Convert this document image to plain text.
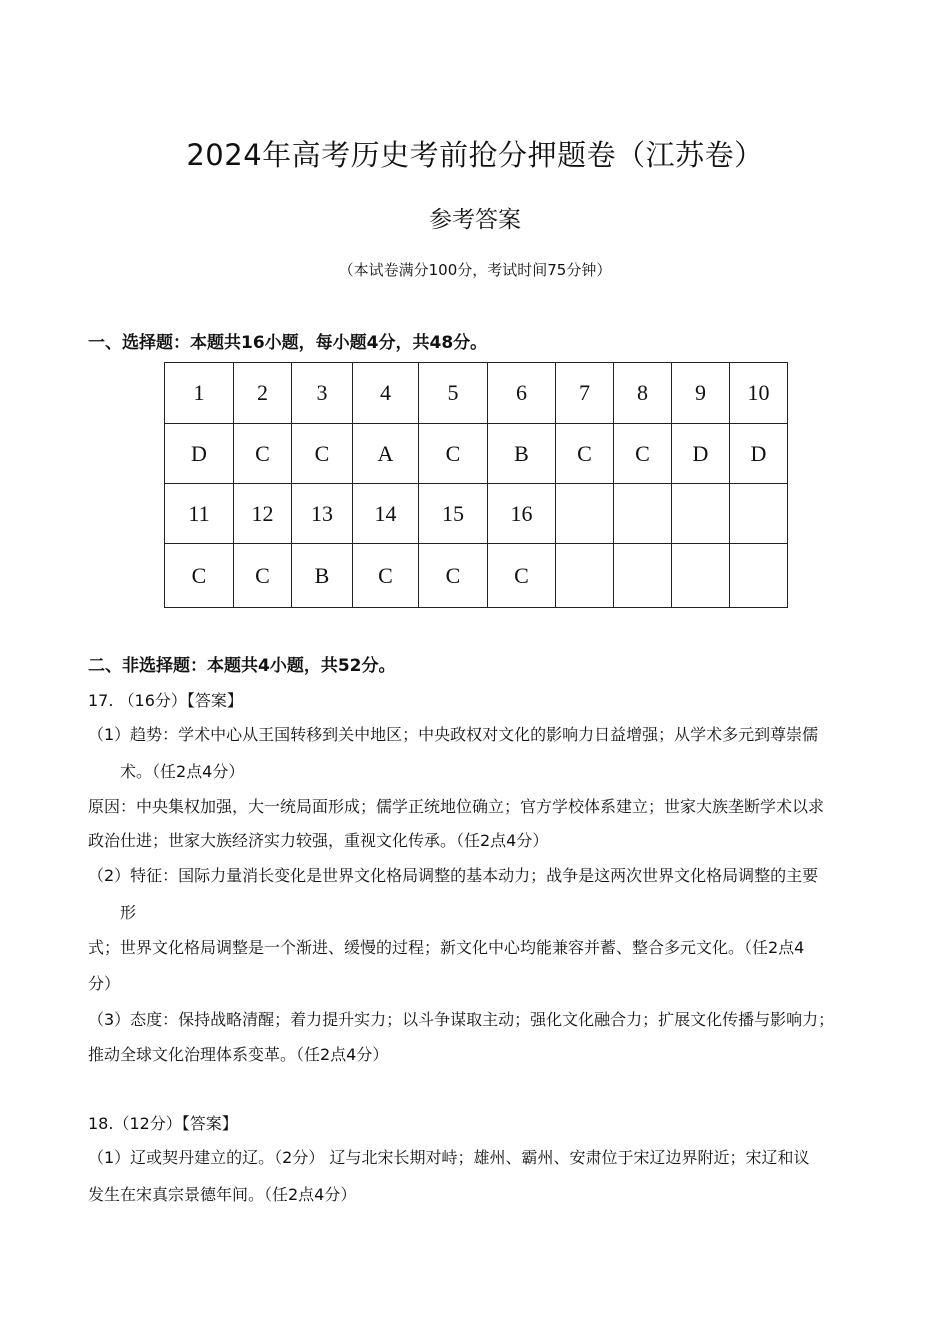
2024年高考历史考前抢分押题卷（江苏卷）
参考答案
（本试卷满分100分，考试时间75分钟）
一、选择题：本题共16小题，每小题4分，共48分。
1	2	3	4	5	6	7	8	9	10
D	C	C	A	C	B	C	C	D	D
11	12	13	14	15	16				
C	C	B	C	C	C				
二、非选择题：本题共4小题，共52分。
17. （16分）【答案】
（1）趋势：学术中心从王国转移到关中地区；中央政权对文化的影响力日益增强；从学术多元到尊崇儒
术。（任2点4分）
原因：中央集权加强，大一统局面形成；儒学正统地位确立；官方学校体系建立；世家大族垄断学术以求
政治仕进；世家大族经济实力较强，重视文化传承。（任2点4分）
（2）特征：国际力量消长变化是世界文化格局调整的基本动力；战争是这两次世界文化格局调整的主要
形
式；世界文化格局调整是一个渐进、缓慢的过程；新文化中心均能兼容并蓄、整合多元文化。（任2点4
分）
（3）态度：保持战略清醒；着力提升实力；以斗争谋取主动；强化文化融合力；扩展文化传播与影响力；
推动全球文化治理体系变革。（任2点4分）
18.（12分）【答案】
（1）辽或契丹建立的辽。（2分） 辽与北宋长期对峙；雄州、霸州、安肃位于宋辽边界附近；宋辽和议
发生在宋真宗景德年间。（任2点4分）
